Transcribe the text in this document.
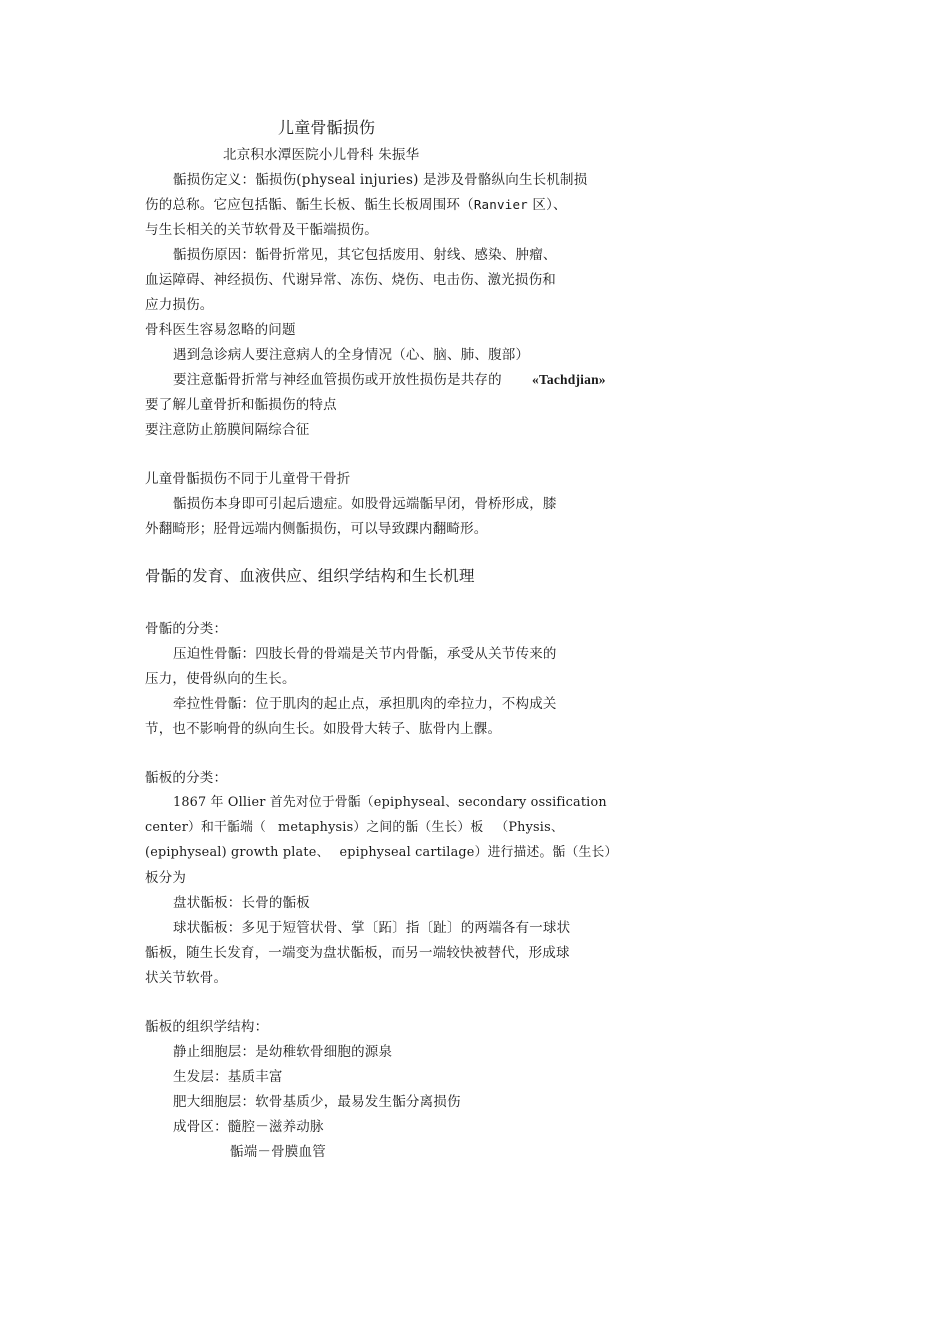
儿童骨骺损伤
北京积水潭医院小儿骨科 朱振华
骺损伤定义：骺损伤(physeal injuries) 是涉及骨骼纵向生长机制损
伤的总称。它应包括骺、骺生长板、骺生长板周围环（Ranvier 区）、
与生长相关的关节软骨及干骺端损伤。
骺损伤原因：骺骨折常见，其它包括废用、射线、感染、肿瘤、
血运障碍、神经损伤、代谢异常、冻伤、烧伤、电击伤、激光损伤和
应力损伤。
骨科医生容易忽略的问题
遇到急诊病人要注意病人的全身情况（心、脑、肺、腹部）
要注意骺骨折常与神经血管损伤或开放性损伤是共存的 «Tachdjian»
要了解儿童骨折和骺损伤的特点
要注意防止筋膜间隔综合征
儿童骨骺损伤不同于儿童骨干骨折
骺损伤本身即可引起后遗症。如股骨远端骺早闭，骨桥形成，膝
外翻畸形；胫骨远端内侧骺损伤，可以导致踝内翻畸形。
骨骺的发育、血液供应、组织学结构和生长机理
骨骺的分类：
压迫性骨骺：四肢长骨的骨端是关节内骨骺，承受从关节传来的
压力，使骨纵向的生长。
牵拉性骨骺：位于肌肉的起止点，承担肌肉的牵拉力，不构成关
节，也不影响骨的纵向生长。如股骨大转子、肱骨内上髁。
骺板的分类：
1867 年 Ollier 首先对位于骨骺（epiphyseal、secondary ossification
center）和干骺端（ metaphysis）之间的骺（生长）板 （Physis、
(epiphyseal) growth plate、 epiphyseal cartilage）进行描述。骺（生长）
板分为
盘状骺板：长骨的骺板
球状骺板：多见于短管状骨、掌〔跖〕指〔趾〕的两端各有一球状
骺板，随生长发育，一端变为盘状骺板，而另一端较快被替代，形成球
状关节软骨。
骺板的组织学结构：
静止细胞层：是幼稚软骨细胞的源泉
生发层：基质丰富
肥大细胞层：软骨基质少，最易发生骺分离损伤
成骨区：髓腔－滋养动脉
骺端－骨膜血管
